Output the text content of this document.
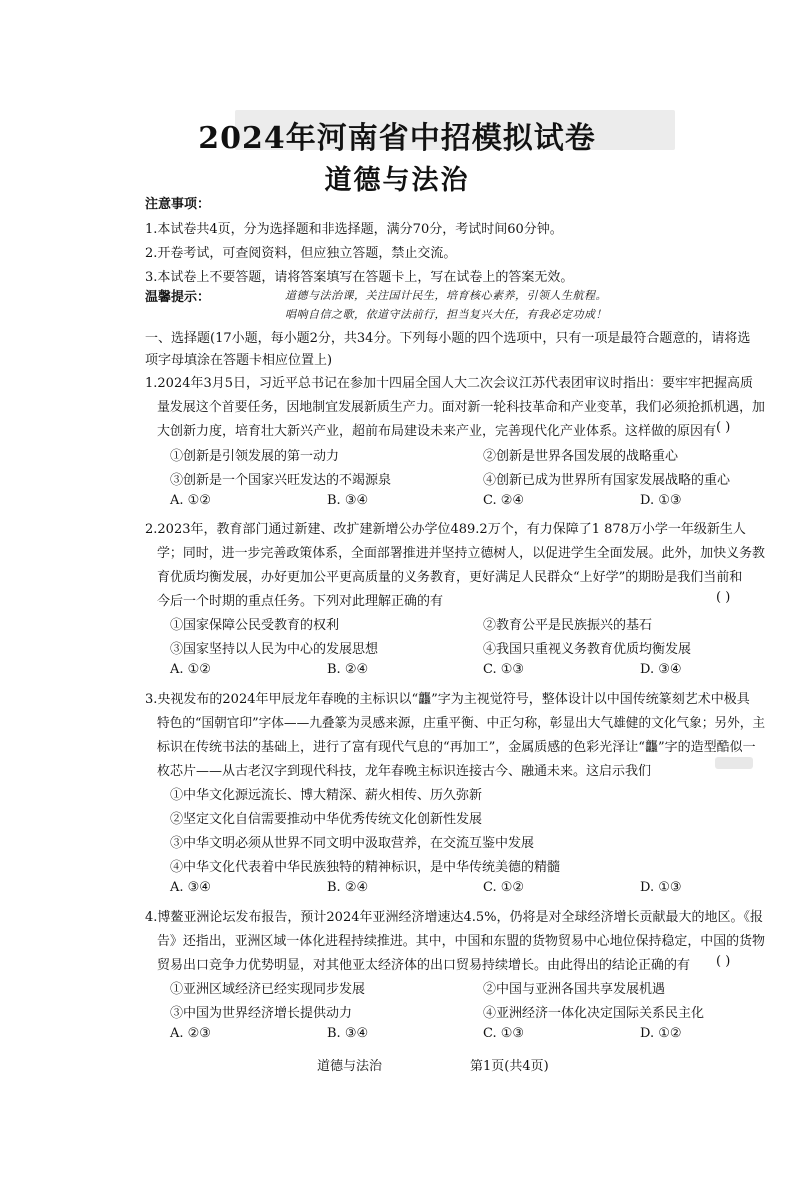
2024年河南省中招模拟试卷
道德与法治
注意事项：
1.本试卷共4页，分为选择题和非选择题，满分70分，考试时间60分钟。
2.开卷考试，可查阅资料，但应独立答题，禁止交流。
3.本试卷上不要答题，请将答案填写在答题卡上，写在试卷上的答案无效。
温馨提示：	道德与法治课，关注国计民生，培育核心素养，引领人生航程。
唱响自信之歌，依道守法前行，担当复兴大任，有我必定功成！
一、选择题(17小题，每小题2分，共34分。下列每小题的四个选项中，只有一项是最符合题意的，请将选
项字母填涂在答题卡相应位置上)
1.2024年3月5日，习近平总书记在参加十四届全国人大二次会议江苏代表团审议时指出：要牢牢把握高质
量发展这个首要任务，因地制宜发展新质生产力。面对新一轮科技革命和产业变革，我们必须抢抓机遇，加
大创新力度，培育壮大新兴产业，超前布局建设未来产业，完善现代化产业体系。这样做的原因有 ( )
①创新是引领发展的第一动力	②创新是世界各国发展的战略重心
③创新是一个国家兴旺发达的不竭源泉	④创新已成为世界所有国家发展战略的重心
A. ①②	B. ③④	C. ②④	D. ①③
2.2023年，教育部门通过新建、改扩建新增公办学位489.2万个，有力保障了1 878万小学一年级新生人
学；同时，进一步完善政策体系，全面部署推进并坚持立德树人，以促进学生全面发展。此外，加快义务教
育优质均衡发展，办好更加公平更高质量的义务教育，更好满足人民群众“上好学”的期盼是我们当前和
今后一个时期的重点任务。下列对此理解正确的有	( )
①国家保障公民受教育的权利	②教育公平是民族振兴的基石
③国家坚持以人民为中心的发展思想	④我国只重视义务教育优质均衡发展
A. ①②	B. ②④	C. ①③	D. ③④
3.央视发布的2024年甲辰龙年春晚的主标识以“龘”字为主视觉符号，整体设计以中国传统篆刻艺术中极具
特色的“国朝官印”字体——九叠篆为灵感来源，庄重平衡、中正匀称，彰显出大气雄健的文化气象；另外，主
标识在传统书法的基础上，进行了富有现代气息的“再加工”，金属质感的色彩光泽让“龘”字的造型酷似一
枚芯片——从古老汉字到现代科技，龙年春晚主标识连接古今、融通未来。这启示我们
①中华文化源远流长、博大精深、薪火相传、历久弥新
②坚定文化自信需要推动中华优秀传统文化创新性发展
③中华文明必须从世界不同文明中汲取营养，在交流互鉴中发展
④中华文化代表着中华民族独特的精神标识，是中华传统美德的精髓
A. ③④	B. ②④	C. ①②	D. ①③
4.博鳌亚洲论坛发布报告，预计2024年亚洲经济增速达4.5%，仍将是对全球经济增长贡献最大的地区。《报
告》还指出，亚洲区域一体化进程持续推进。其中，中国和东盟的货物贸易中心地位保持稳定，中国的货物
贸易出口竞争力优势明显，对其他亚太经济体的出口贸易持续增长。由此得出的结论正确的有 ( )
①亚洲区域经济已经实现同步发展	②中国与亚洲各国共享发展机遇
③中国为世界经济增长提供动力	④亚洲经济一体化决定国际关系民主化
A. ②③	B. ③④	C. ①③	D. ①②
道德与法治	第1页(共4页)
